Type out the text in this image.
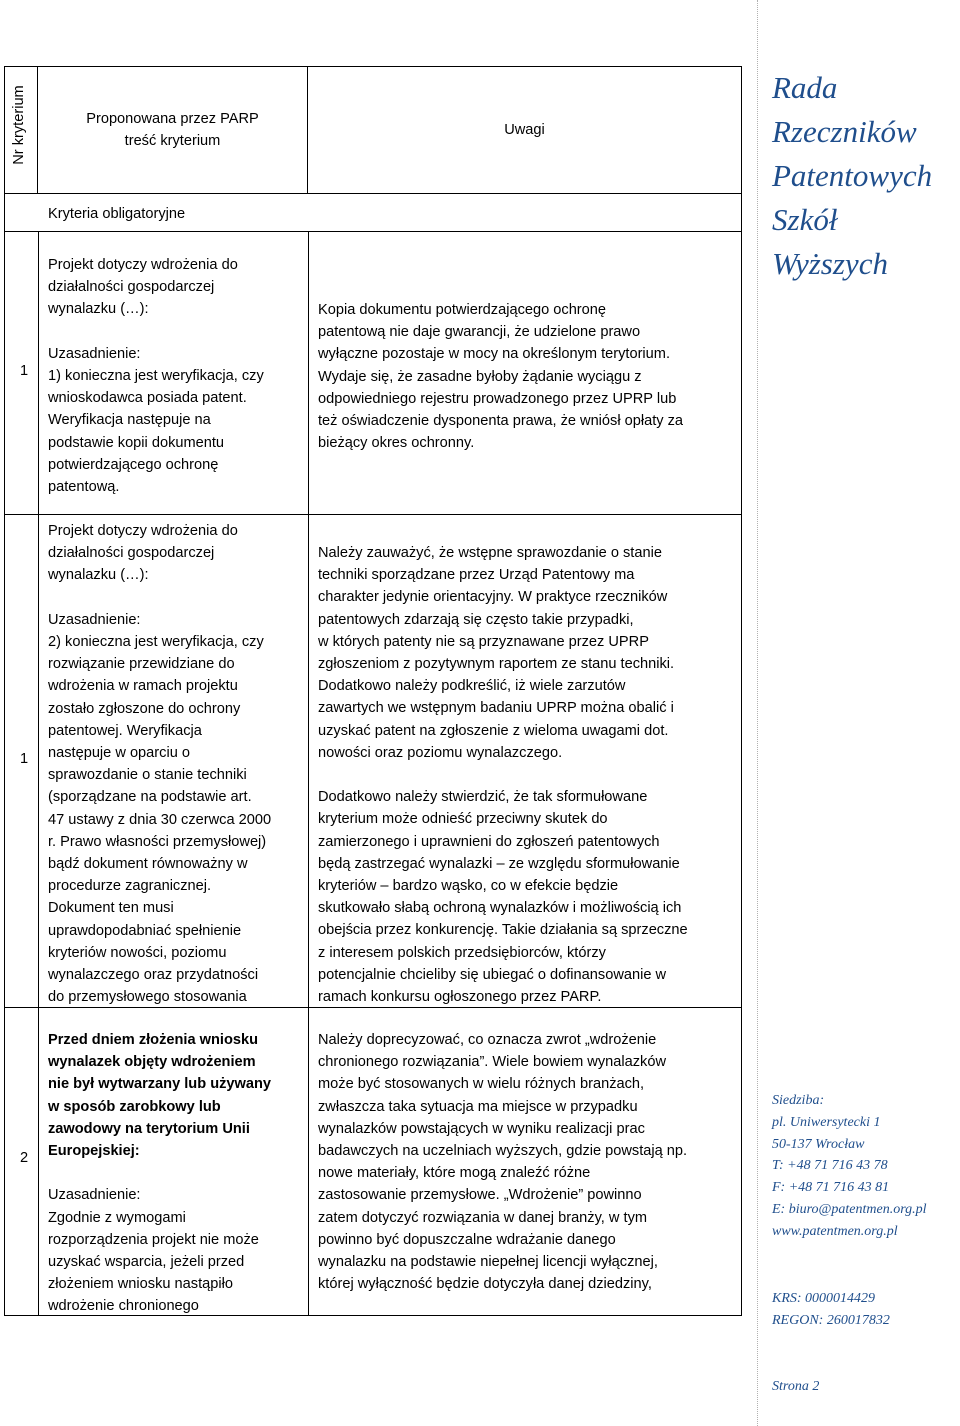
Nr kryterium	Proponowana przez PARP

treść kryterium

Uwagi
Kryteria obligatoryjne
1

Projekt dotyczy wdrożenia do

działalności gospodarczej

wynalazku (…):

Uzasadnienie:

1) konieczna jest weryfikacja, czy

wnioskodawca posiada patent.

Weryfikacja następuje na

podstawie kopii dokumentu

potwierdzającego ochronę

patentową.

Kopia dokumentu potwierdzającego ochronę

patentową nie daje gwarancji, że udzielone prawo

wyłączne pozostaje w mocy na określonym terytorium.

Wydaje się, że zasadne byłoby żądanie wyciągu z

odpowiedniego rejestru prowadzonego przez UPRP lub

też oświadczenie dysponenta prawa, że wniósł opłaty za

bieżący okres ochronny.

1

Projekt dotyczy wdrożenia do

działalności gospodarczej

wynalazku (…):

Uzasadnienie:

2) konieczna jest weryfikacja, czy

rozwiązanie przewidziane do

wdrożenia w ramach projektu

zostało zgłoszone do ochrony

patentowej. Weryfikacja

następuje w oparciu o

sprawozdanie o stanie techniki

(sporządzane na podstawie art.

47 ustawy z dnia 30 czerwca 2000

r. Prawo własności przemysłowej)

bądź dokument równoważny w

procedurze zagranicznej.

Dokument ten musi

uprawdopodabniać spełnienie

kryteriów nowości, poziomu

wynalazczego oraz przydatności

do przemysłowego stosowania

Należy zauważyć, że wstępne sprawozdanie o stanie

techniki sporządzane przez Urząd Patentowy ma

charakter jedynie orientacyjny. W praktyce rzeczników

patentowych zdarzają się często takie przypadki,

w których patenty nie są przyznawane przez UPRP

zgłoszeniom z pozytywnym raportem ze stanu techniki.

Dodatkowo należy podkreślić, iż wiele zarzutów

zawartych we wstępnym badaniu UPRP można obalić i

uzyskać patent na zgłoszenie z wieloma uwagami dot.

nowości oraz poziomu wynalazczego.

Dodatkowo należy stwierdzić, że tak sformułowane

kryterium może odnieść przeciwny skutek do

zamierzonego i uprawnieni do zgłoszeń patentowych

będą zastrzegać wynalazki – ze względu sformułowanie

kryteriów – bardzo wąsko, co w efekcie będzie

skutkowało słabą ochroną wynalazków i możliwością ich

obejścia przez konkurencję. Takie działania są sprzeczne

z interesem polskich przedsiębiorców, którzy

potencjalnie chcieliby się ubiegać o dofinansowanie w

ramach konkursu ogłoszonego przez PARP.

2

Przed dniem złożenia wniosku

wynalazek objęty wdrożeniem

nie był wytwarzany lub używany

w sposób zarobkowy lub

zawodowy na terytorium Unii

Europejskiej:

Uzasadnienie:

Zgodnie z wymogami

rozporządzenia projekt nie może

uzyskać wsparcia, jeżeli przed

złożeniem wniosku nastąpiło

wdrożenie chronionego

Należy doprecyzować, co oznacza zwrot „wdrożenie

chronionego rozwiązania”. Wiele bowiem wynalazków

może być stosowanych w wielu różnych branżach,

zwłaszcza taka sytuacja ma miejsce w przypadku

wynalazków powstających w wyniku realizacji prac

badawczych na uczelniach wyższych, gdzie powstają np.

nowe materiały, które mogą znaleźć różne

zastosowanie przemysłowe. „Wdrożenie” powinno

zatem dotyczyć rozwiązania w danej branży, w tym

powinno być dopuszczalne wdrażanie danego

wynalazku na podstawie niepełnej licencji wyłącznej,

której wyłączność będzie dotyczyła danej dziedziny,

Rada
Rzeczników
Patentowych
Szkół
Wyższych
Siedziba:
pl. Uniwersytecki 1
50-137 Wrocław
T: +48 71 716 43 78
F: +48 71 716 43 81
E: biuro@patentmen.org.pl
www.patentmen.org.pl
KRS: 0000014429
REGON: 260017832
Strona 2
